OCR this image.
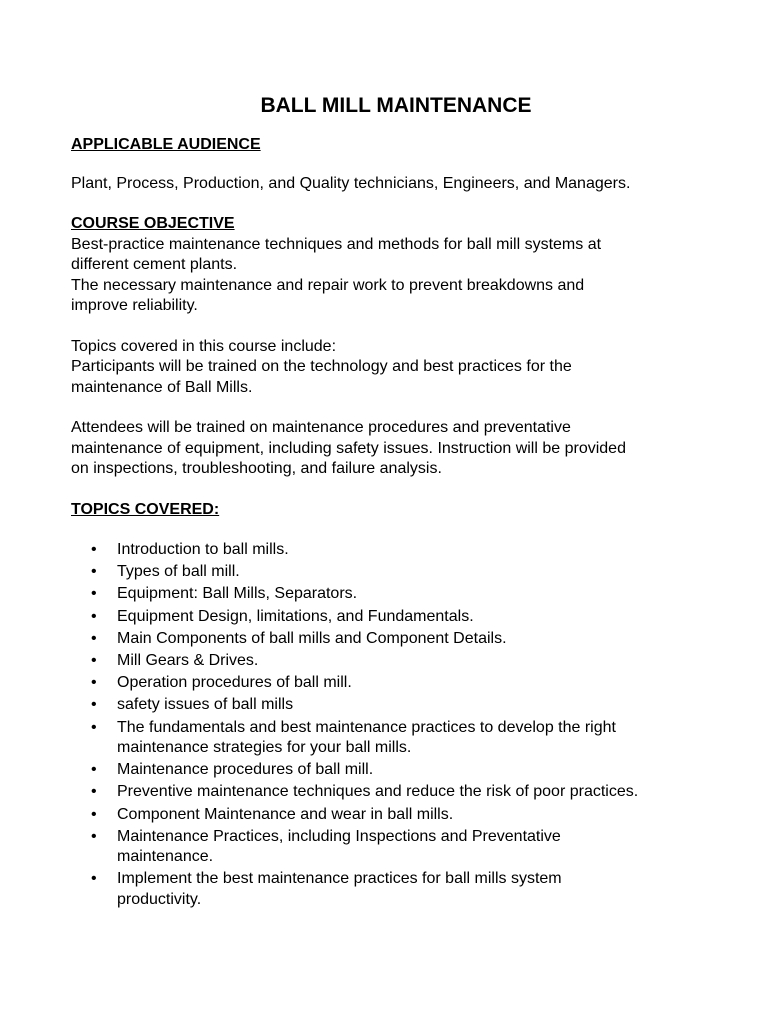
BALL MILL MAINTENANCE
APPLICABLE AUDIENCE
Plant, Process, Production, and Quality technicians, Engineers, and Managers.
COURSE OBJECTIVE
Best-practice maintenance techniques and methods for ball mill systems at
different cement plants.
The necessary maintenance and repair work to prevent breakdowns and
improve reliability.
Topics covered in this course include:
Participants will be trained on the technology and best practices for the
maintenance of Ball Mills.
Attendees will be trained on maintenance procedures and preventative
maintenance of equipment, including safety issues. Instruction will be provided
on inspections, troubleshooting, and failure analysis.
TOPICS COVERED:
•	Introduction to ball mills.
•	Types of ball mill.
•	Equipment: Ball Mills, Separators.
•	Equipment Design, limitations, and Fundamentals.
•	Main Components of ball mills and Component Details.
•	Mill Gears & Drives.
•	Operation procedures of ball mill.
•	safety issues of ball mills
•	The fundamentals and best maintenance practices to develop the right
maintenance strategies for your ball mills.
•	Maintenance procedures of ball mill.
•	Preventive maintenance techniques and reduce the risk of poor practices.
•	Component Maintenance and wear in ball mills.
•	Maintenance Practices, including Inspections and Preventative
maintenance.
•	Implement the best maintenance practices for ball mills system
productivity.
